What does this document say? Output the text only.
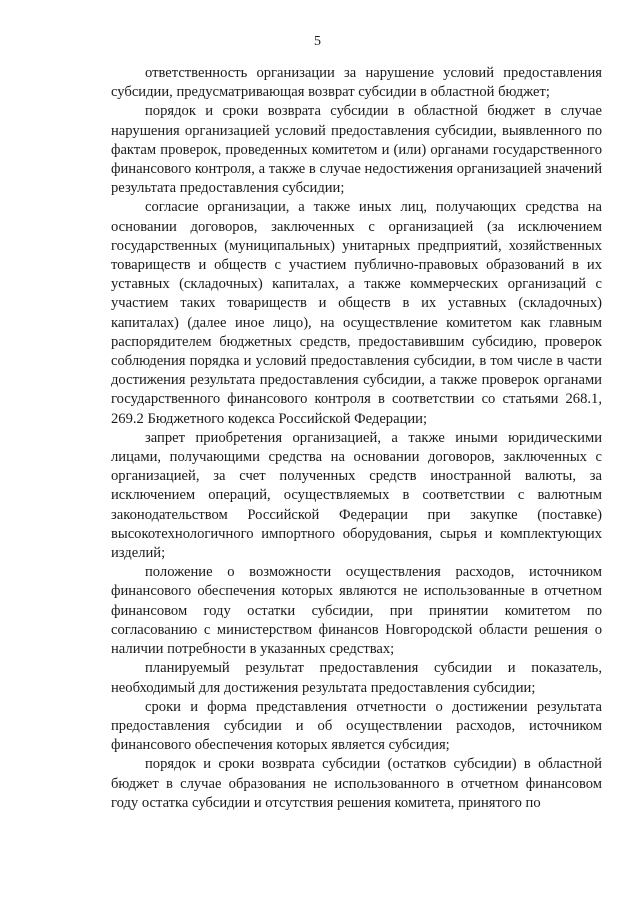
5

ответственность организации за нарушение условий предоставления субсидии, предусматривающая возврат субсидии в областной бюджет;

порядок и сроки возврата субсидии в областной бюджет в случае нарушения организацией условий предоставления субсидии, выявленного по фактам проверок, проведенных комитетом и (или) органами государственного финансового контроля, а также в случае недостижения организацией значений результата предоставления субсидии;

согласие организации, а также иных лиц, получающих средства на основании договоров, заключенных с организацией (за исключением государственных (муниципальных) унитарных предприятий, хозяйственных товариществ и обществ с участием публично-правовых образований в их уставных (складочных) капиталах, а также коммерческих организаций с участием таких товариществ и обществ в их уставных (складочных) капиталах) (далее иное лицо), на осуществление комитетом как главным распорядителем бюджетных средств, предоставившим субсидию, проверок соблюдения порядка и условий предоставления субсидии, в том числе в части достижения результата предоставления субсидии, а также проверок органами государственного финансового контроля в соответствии со статьями 268.1, 269.2 Бюджетного кодекса Российской Федерации;

запрет приобретения организацией, а также иными юридическими лицами, получающими средства на основании договоров, заключенных с организацией, за счет полученных средств иностранной валюты, за исключением операций, осуществляемых в соответствии с валютным законодательством Российской Федерации при закупке (поставке) высокотехнологичного импортного оборудования, сырья и комплектующих изделий;

положение о возможности осуществления расходов, источником финансового обеспечения которых являются не использованные в отчетном финансовом году остатки субсидии, при принятии комитетом по согласованию с министерством финансов Новгородской области решения о наличии потребности в указанных средствах;

планируемый результат предоставления субсидии и показатель, необходимый для достижения результата предоставления субсидии;

сроки и форма представления отчетности о достижении результата предоставления субсидии и об осуществлении расходов, источником финансового обеспечения которых является субсидия;

порядок и сроки возврата субсидии (остатков субсидии) в областной бюджет в случае образования не использованного в отчетном финансовом году остатка субсидии и отсутствия решения комитета, принятого по
